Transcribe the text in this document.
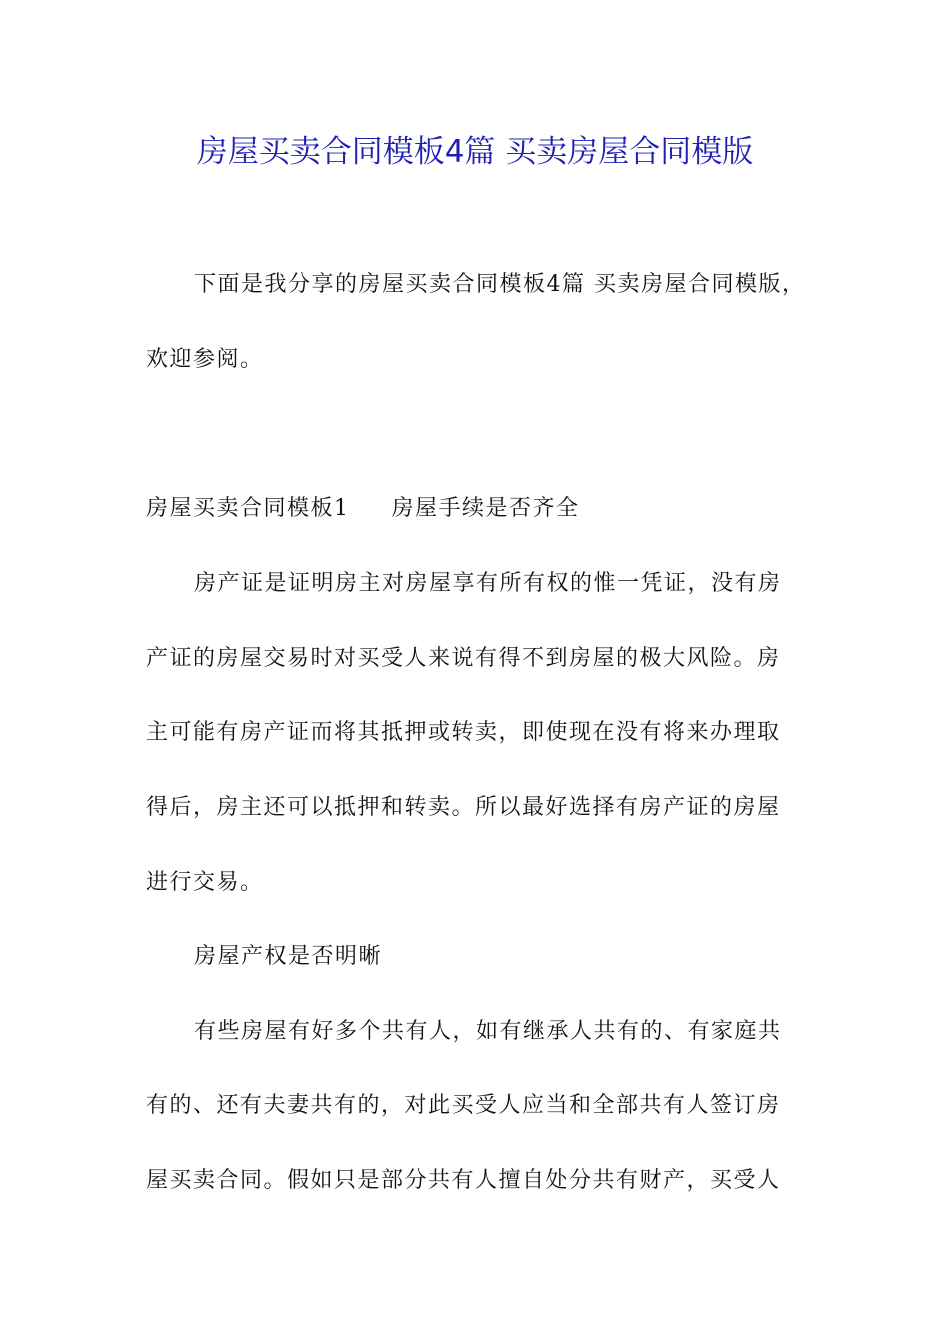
房屋买卖合同模板4篇 买卖房屋合同模版
下面是我分享的房屋买卖合同模板4篇 买卖房屋合同模版，
欢迎参阅。
房屋买卖合同模板1 房屋手续是否齐全
房产证是证明房主对房屋享有所有权的惟一凭证，没有房
产证的房屋交易时对买受人来说有得不到房屋的极大风险。房
主可能有房产证而将其抵押或转卖，即使现在没有将来办理取
得后，房主还可以抵押和转卖。所以最好选择有房产证的房屋
进行交易。
房屋产权是否明晰
有些房屋有好多个共有人，如有继承人共有的、有家庭共
有的、还有夫妻共有的，对此买受人应当和全部共有人签订房
屋买卖合同。假如只是部分共有人擅自处分共有财产，买受人
